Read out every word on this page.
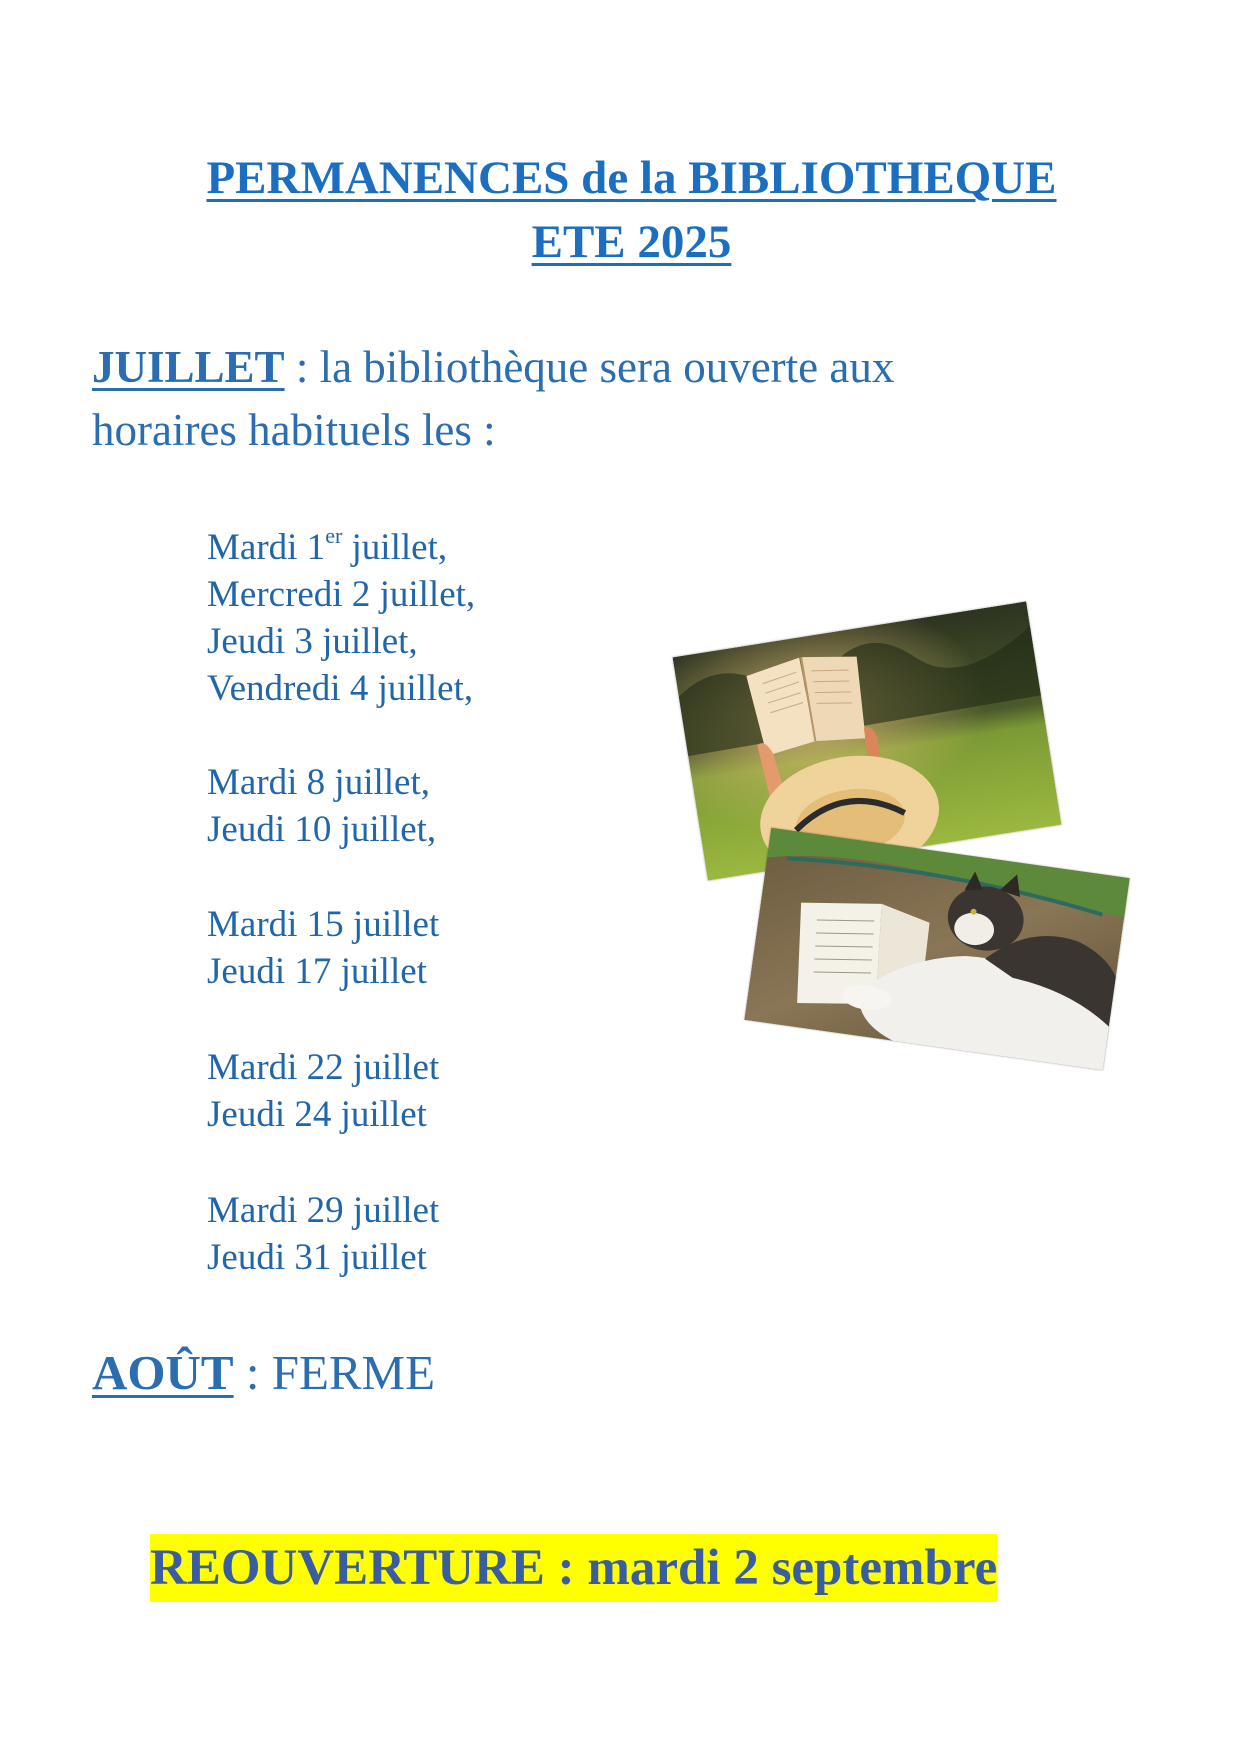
PERMANENCES de la BIBLIOTHEQUE
ETE 2025
JUILLET : la bibliothèque sera ouverte aux
horaires habituels les :
Mardi 1er juillet,
Mercredi 2 juillet,
Jeudi 3 juillet,
Vendredi 4 juillet,
Mardi 8 juillet,
Jeudi 10 juillet,
Mardi 15 juillet
Jeudi 17 juillet
Mardi 22 juillet
Jeudi 24 juillet
Mardi 29 juillet
Jeudi 31 juillet
AOÛT : FERME
REOUVERTURE : mardi 2 septembre
